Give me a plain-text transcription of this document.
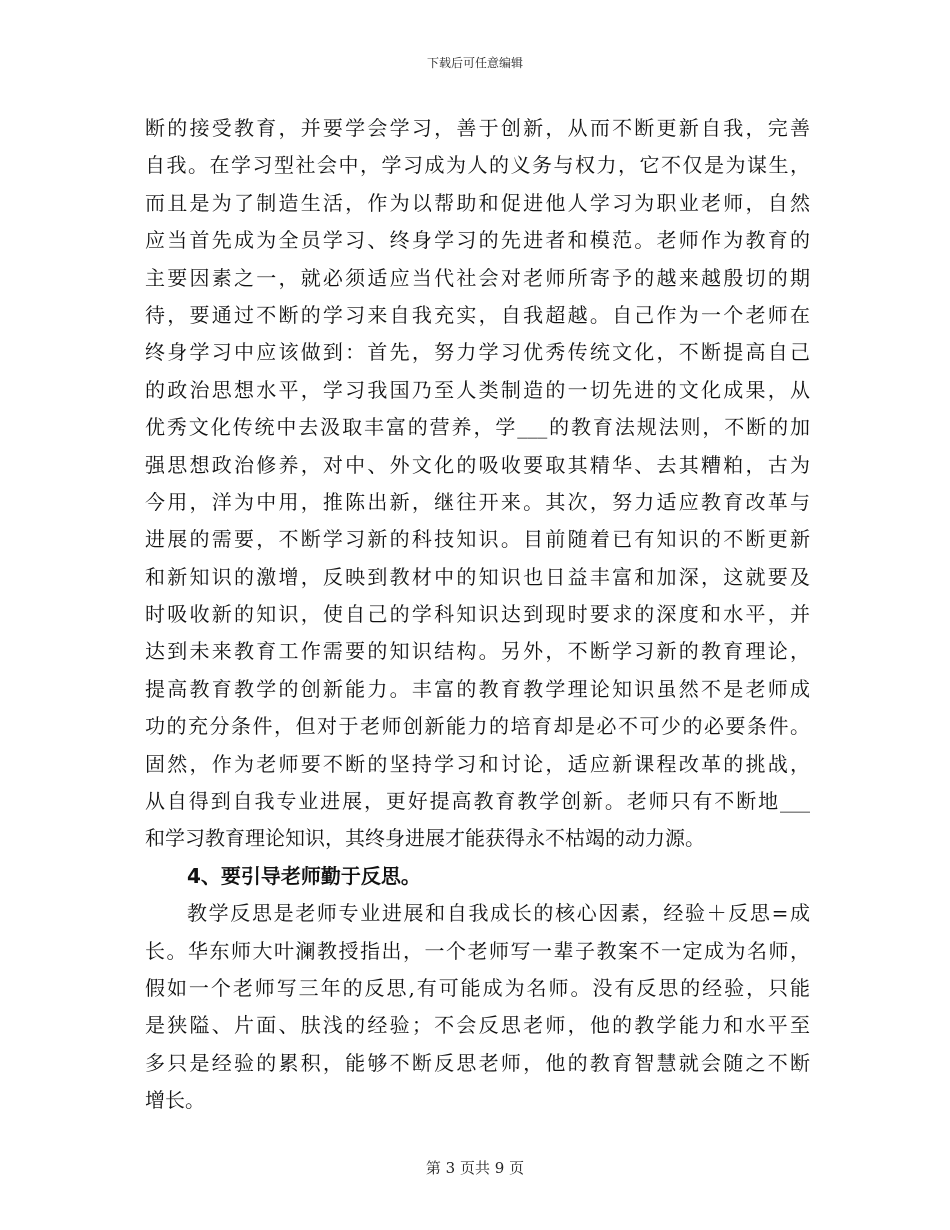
下载后可任意编辑
断的接受教育，并要学会学习，善于创新，从而不断更新自我，完善
自我。在学习型社会中，学习成为人的义务与权力，它不仅是为谋生，
而且是为了制造生活，作为以帮助和促进他人学习为职业老师，自然
应当首先成为全员学习、终身学习的先进者和模范。老师作为教育的
主要因素之一，就必须适应当代社会对老师所寄予的越来越殷切的期
待，要通过不断的学习来自我充实，自我超越。自己作为一个老师在
终身学习中应该做到：首先，努力学习优秀传统文化，不断提高自己
的政治思想水平，学习我国乃至人类制造的一切先进的文化成果，从
优秀文化传统中去汲取丰富的营养，学___的教育法规法则，不断的加
强思想政治修养，对中、外文化的吸收要取其精华、去其糟粕，古为
今用，洋为中用，推陈出新，继往开来。其次，努力适应教育改革与
进展的需要，不断学习新的科技知识。目前随着已有知识的不断更新
和新知识的激增，反映到教材中的知识也日益丰富和加深，这就要及
时吸收新的知识，使自己的学科知识达到现时要求的深度和水平，并
达到未来教育工作需要的知识结构。另外，不断学习新的教育理论，
提高教育教学的创新能力。丰富的教育教学理论知识虽然不是老师成
功的充分条件，但对于老师创新能力的培育却是必不可少的必要条件。
固然，作为老师要不断的坚持学习和讨论，适应新课程改革的挑战，
从自得到自我专业进展，更好提高教育教学创新。老师只有不断地___
和学习教育理论知识，其终身进展才能获得永不枯竭的动力源。
4、要引导老师勤于反思。
教学反思是老师专业进展和自我成长的核心因素，经验＋反思=成
长。华东师大叶澜教授指出，一个老师写一辈子教案不一定成为名师，
假如一个老师写三年的反思,有可能成为名师。没有反思的经验，只能
是狭隘、片面、肤浅的经验；不会反思老师，他的教学能力和水平至
多只是经验的累积，能够不断反思老师，他的教育智慧就会随之不断
增长。
第 3 页共 9 页
